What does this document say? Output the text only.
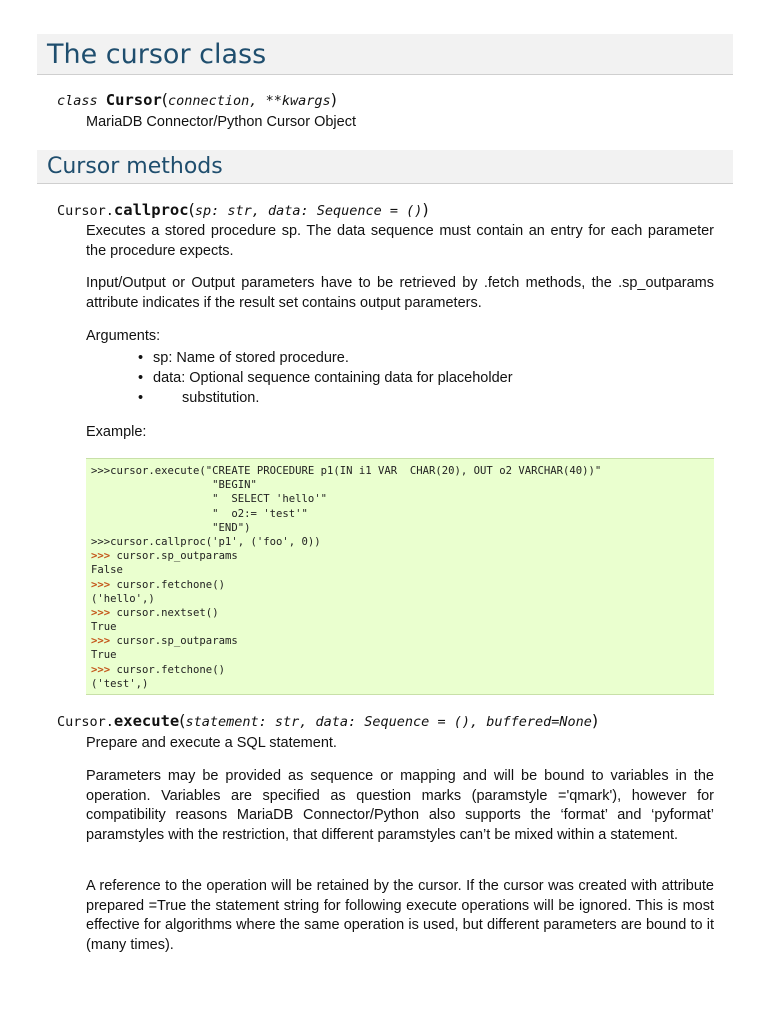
The cursor class
class Cursor(connection, **kwargs)

MariaDB Connector/Python Cursor Object

Cursor methods
Cursor.callproc(sp: str, data: Sequence = ())

Executes a stored procedure sp. The data sequence must contain an entry for each parameter the procedure expects.

Input/Output or Output parameters have to be retrieved by .fetch methods, the .sp_outparams attribute indicates if the result set contains output parameters.

Arguments:

• sp: Name of stored procedure.
• data: Optional sequence containing data for placeholder
• substitution.

Example:

>>>cursor.execute("CREATE PROCEDURE p1(IN i1 VAR  CHAR(20), OUT o2 VARCHAR(40))"
"BEGIN"
"  SELECT 'hello'"
"  o2:= 'test'"
"END")
>>>cursor.callproc('p1', ('foo', 0))
>>> cursor.sp_outparams
False
>>> cursor.fetchone()
('hello',)
>>> cursor.nextset()
True
>>> cursor.sp_outparams
True
>>> cursor.fetchone()
('test',)
Cursor.execute(statement: str, data: Sequence = (), buffered=None)

Prepare and execute a SQL statement.

Parameters may be provided as sequence or mapping and will be bound to variables in the operation. Variables are specified as question marks (paramstyle ='qmark'), however for compatibility reasons MariaDB Connector/Python also supports the ‘format’ and ‘pyformat’ paramstyles with the restriction, that different paramstyles can’t be mixed within a statement.

A reference to the operation will be retained by the cursor. If the cursor was created with attribute prepared =True the statement string for following execute operations will be ignored. This is most effective for algorithms where the same operation is used, but different parameters are bound to it (many times).
